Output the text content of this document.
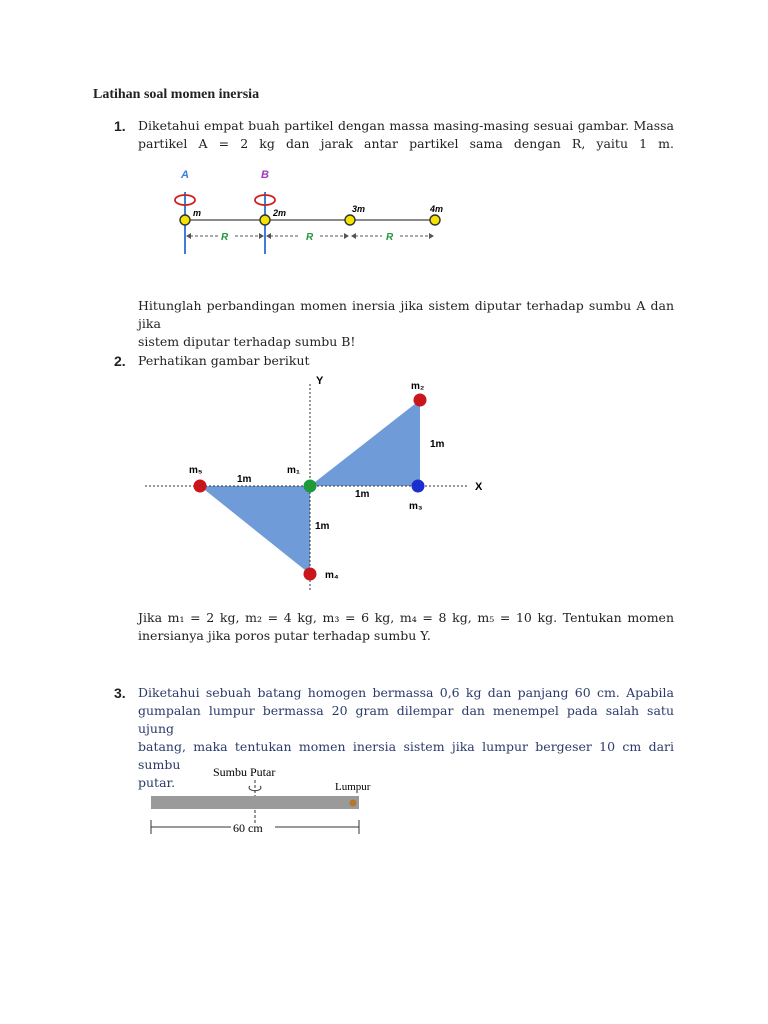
Latihan soal momen inersia
1. Diketahui empat buah partikel dengan massa masing-masing sesuai gambar. Massa
partikel A = 2 kg dan jarak antar partikel sama dengan R, yaitu 1 m.
A	B
m	2m	3m	4m
R	R	R
Hitunglah perbandingan momen inersia jika sistem diputar terhadap sumbu A dan jika
sistem diputar terhadap sumbu B!
2. Perhatikan gambar berikut
X
Y	m₂
m₃
m₁
m₅
m₄
1m
1m
1m
1m
Jika m₁ = 2 kg, m₂ = 4 kg, m₃ = 6 kg, m₄ = 8 kg, m₅ = 10 kg. Tentukan momen
inersianya jika poros putar terhadap sumbu Y.
3. Diketahui sebuah batang homogen bermassa 0,6 kg dan panjang 60 cm. Apabila
gumpalan lumpur bermassa 20 gram dilempar dan menempel pada salah satu ujung
batang, maka tentukan momen inersia sistem jika lumpur bergeser 10 cm dari sumbu
putar.
Sumbu Putar
Lumpur
60 cm
